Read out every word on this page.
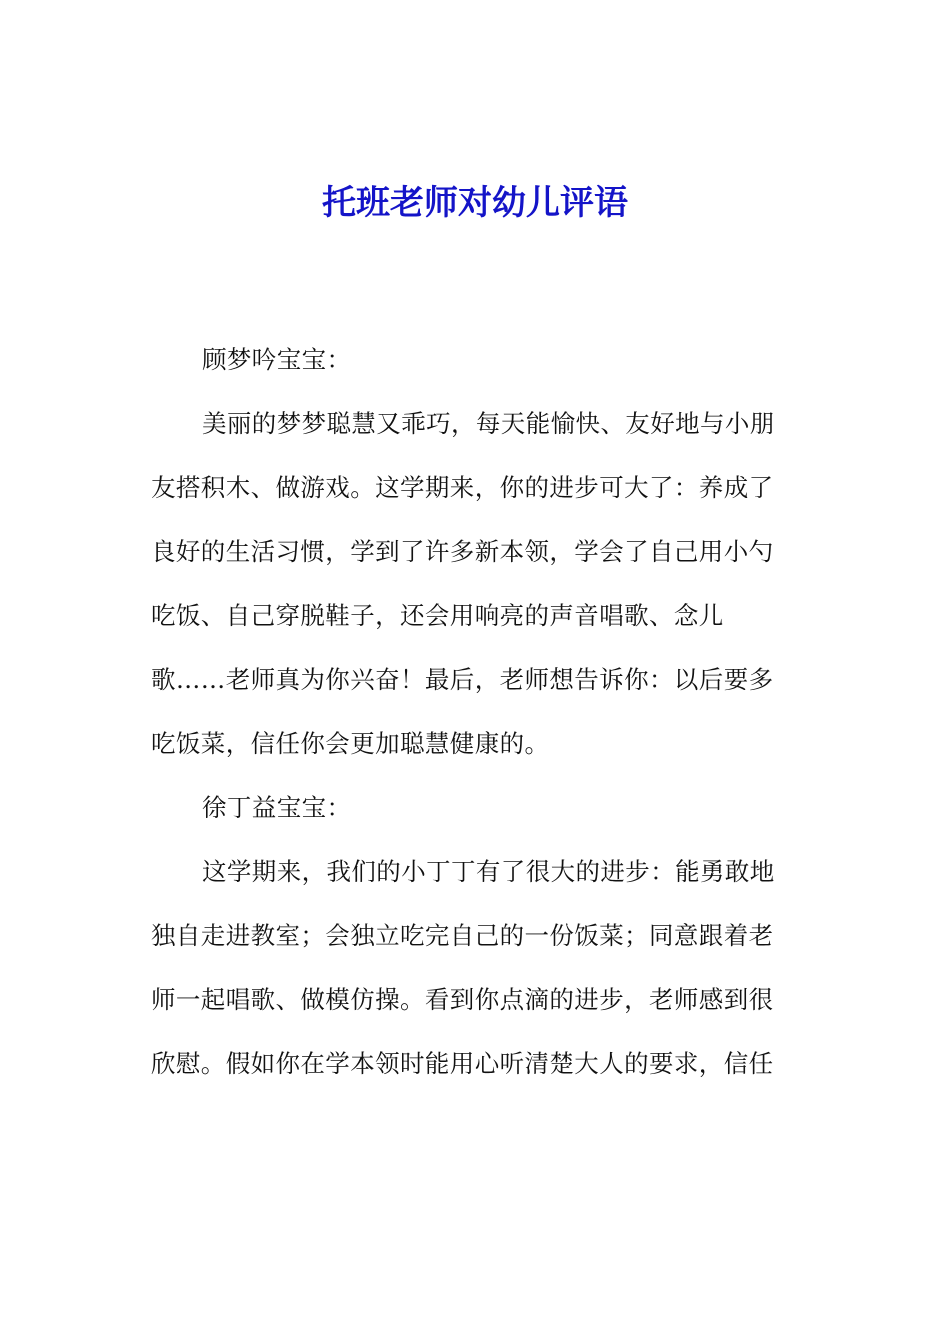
托班老师对幼儿评语

顾梦吟宝宝：

美丽的梦梦聪慧又乖巧，每天能愉快、友好地与小朋友搭积木、做游戏。这学期来，你的进步可大了：养成了良好的生活习惯，学到了许多新本领，学会了自己用小勺吃饭、自己穿脱鞋子，还会用响亮的声音唱歌、念儿歌……老师真为你兴奋！最后，老师想告诉你：以后要多吃饭菜，信任你会更加聪慧健康的。

徐丁益宝宝：

这学期来，我们的小丁丁有了很大的进步：能勇敢地独自走进教室；会独立吃完自己的一份饭菜；同意跟着老师一起唱歌、做模仿操。看到你点滴的进步，老师感到很欣慰。假如你在学本领时能用心听清楚大人的要求，信任
